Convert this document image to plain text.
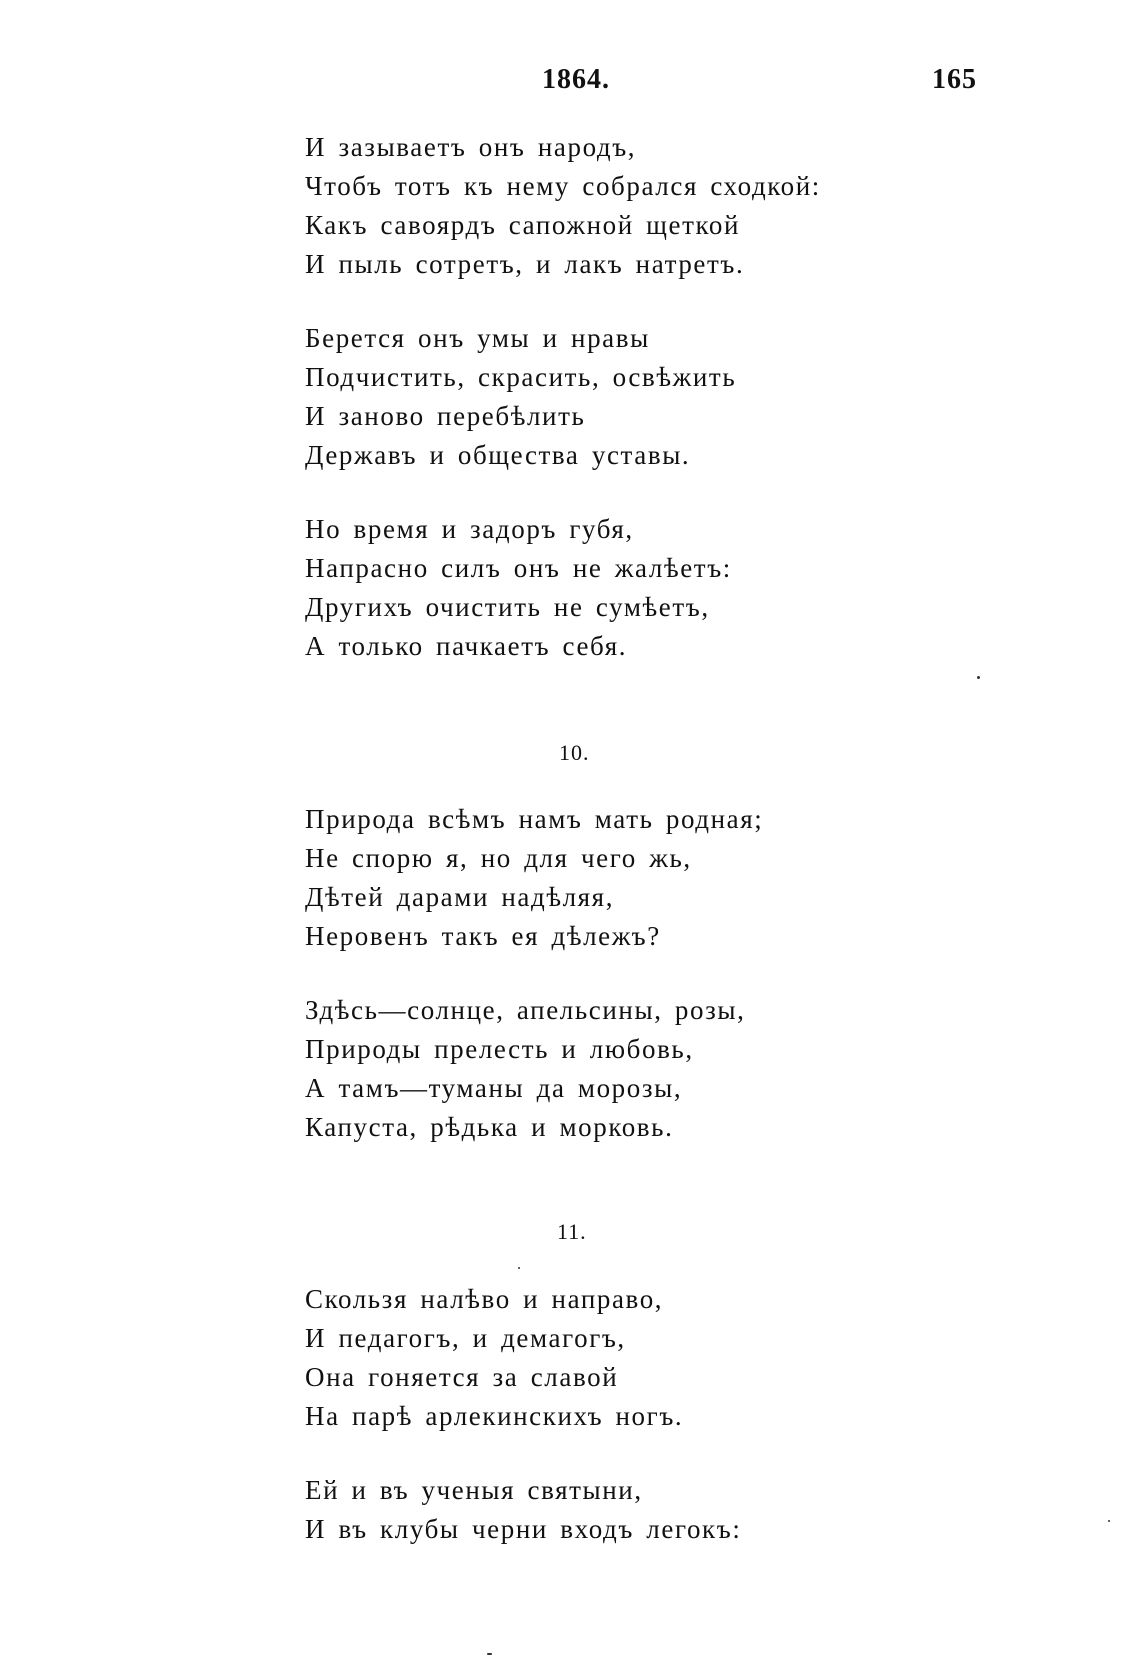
1864.	165
И зазываетъ онъ народъ,
Чтобъ тотъ къ нему собрался сходкой:
Какъ савоярдъ сапожной щеткой
И пыль сотретъ, и лакъ натретъ.
Берется онъ умы и нравы
Подчистить, скрасить, освѣжить
И заново перебѣлить
Державъ и общества уставы.
Но время и задоръ губя,
Напрасно силъ онъ не жалѣетъ:
Другихъ очистить не сумѣетъ,
А только пачкаетъ себя.
10.
Природа всѣмъ намъ мать родная;
Не спорю я, но для чего жь,
Дѣтей дарами надѣляя,
Неровенъ такъ ея дѣлежъ?
Здѣсь—солнце, апельсины, розы,
Природы прелесть и любовь,
А тамъ—туманы да морозы,
Капуста, рѣдька и морковь.
11.
Скользя налѣво и направо,
И педагогъ, и демагогъ,
Она гоняется за славой
На парѣ арлекинскихъ ногъ.
Ей и въ ученыя святыни,
И въ клубы черни входъ легокъ:
